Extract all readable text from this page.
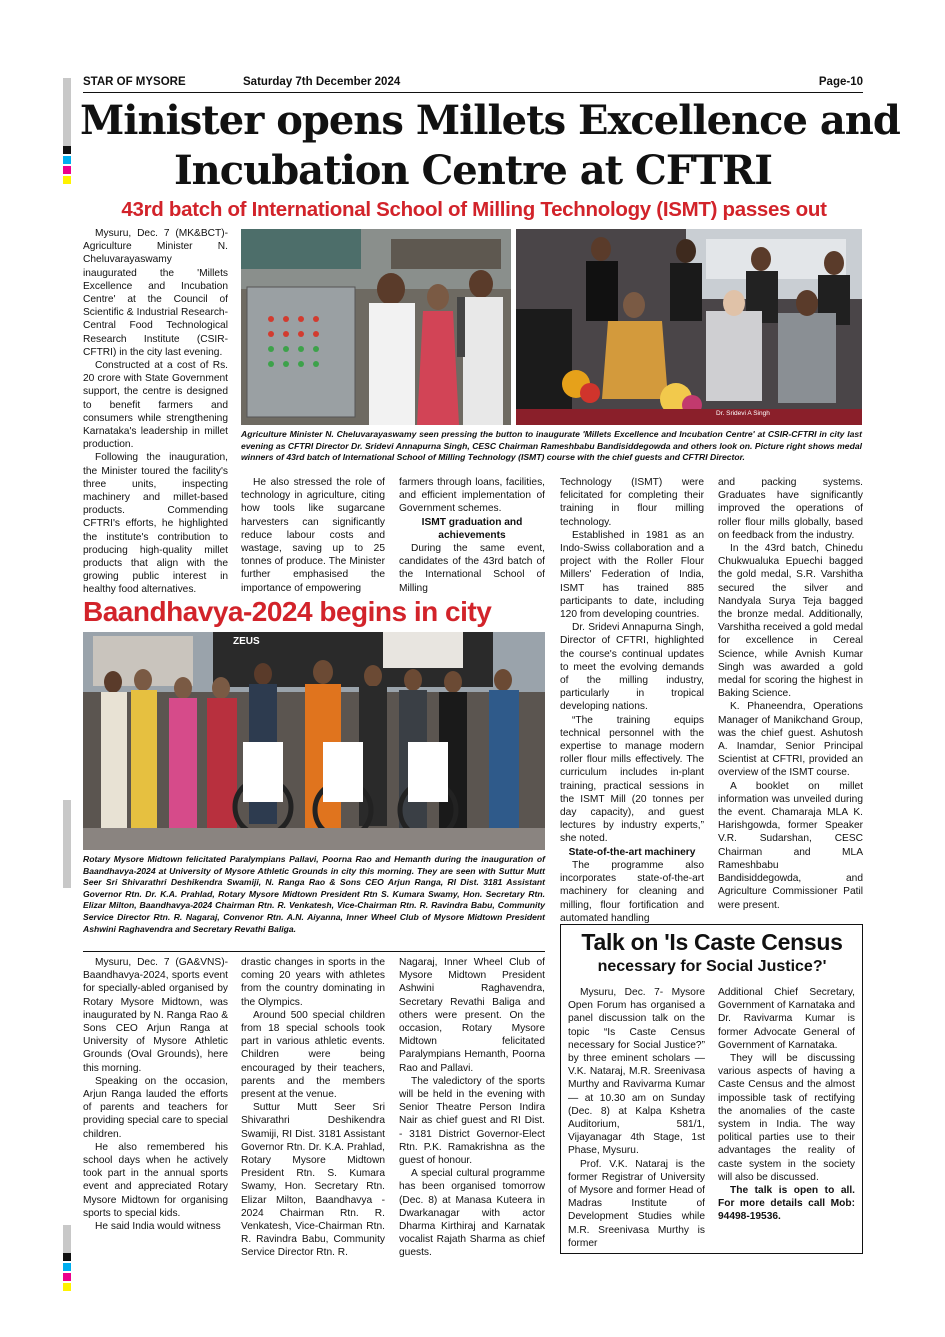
STAR OF MYSORE	Saturday 7th December 2024	Page-10
Minister opens Millets Excellence and
Incubation Centre at CFTRI
43rd batch of International School of Milling Technology (ISMT) passes out

Mysuru, Dec. 7 (MK&BCT)- Agriculture Minister N. Cheluvarayaswamy inaugurated the 'Millets Excellence and Incubation Centre' at the Council of Scientific & Industrial Research-Central Food Technological Research Institute (CSIR-CFTRI) in the city last evening.

Constructed at a cost of Rs. 20 crore with State Government support, the centre is designed to benefit farmers and consumers while strengthening Karnataka's leadership in millet production.

Following the inauguration, the Minister toured the facility's three units, inspecting machinery and millet-based products. Commending CFTRI's efforts, he highlighted the institute's contribution to producing high-quality millet products that align with the growing public interest in healthy food alternatives.

Dr. Sridevi A Singh
Agriculture Minister N. Cheluvarayaswamy seen pressing the button to inaugurate 'Millets Excellence and Incubation Centre' at CSIR-CFTRI in city last evening as CFTRI Director Dr. Sridevi Annapurna Singh, CESC Chairman Rameshbabu Bandisiddegowda and others look on. Picture right shows medal winners of 43rd batch of International School of Milling Technology (ISMT) course with the chief guests and CFTRI Director.

He also stressed the role of technology in agriculture, citing how tools like sugarcane harvesters can significantly reduce labour costs and wastage, saving up to 25 tonnes of produce. The Minister further emphasised the importance of empowering

farmers through loans, facilities, and efficient implementation of Government schemes.

ISMT graduation and achievements

During the same event, candidates of the 43rd batch of the International School of Milling

Technology (ISMT) were felicitated for completing their training in flour milling technology.

Established in 1981 as an Indo-Swiss collaboration and a project with the Roller Flour Millers' Federation of India, ISMT has trained 885 participants to date, including 120 from developing countries.

Dr. Sridevi Annapurna Singh, Director of CFTRI, highlighted the course's continual updates to meet the evolving demands of the milling industry, particularly in tropical developing nations.

“The training equips technical personnel with the expertise to manage modern roller flour mills effectively. The curriculum includes in-plant training, practical sessions in the ISMT Mill (20 tonnes per day capacity), and guest lectures by industry experts,” she noted.

State-of-the-art machinery

The programme also incorporates state-of-the-art machinery for cleaning and milling, flour fortification and automated handling

and packing systems. Graduates have significantly improved the operations of roller flour mills globally, based on feedback from the industry.

In the 43rd batch, Chinedu Chukwualuka Epuechi bagged the gold medal, S.R. Varshitha secured the silver and Nandyala Surya Teja bagged the bronze medal. Additionally, Varshitha received a gold medal for excellence in Cereal Science, while Avnish Kumar Singh was awarded a gold medal for scoring the highest in Baking Science.

K. Phaneendra, Operations Manager of Manikchand Group, was the chief guest. Ashutosh A. Inamdar, Senior Principal Scientist at CFTRI, provided an overview of the ISMT course.

A booklet on millet information was unveiled during the event. Chamaraja MLA K. Harishgowda, former Speaker V.R. Sudarshan, CESC Chairman and MLA Rameshbabu Bandisiddegowda, and Agriculture Commissioner Patil were present.

Baandhavya-2024 begins in city
ZEUS
Rotary Mysore Midtown felicitated Paralympians Pallavi, Poorna Rao and Hemanth during the inauguration of Baandhavya-2024 at University of Mysore Athletic Grounds in city this morning. They are seen with Suttur Mutt Seer Sri Shivarathri Deshikendra Swamiji, N. Ranga Rao & Sons CEO Arjun Ranga, RI Dist. 3181 Assistant Governor Rtn. Dr. K.A. Prahlad, Rotary Mysore Midtown President Rtn S. Kumara Swamy, Hon. Secretary Rtn. Elizar Milton, Baandhavya-2024 Chairman Rtn. R. Venkatesh, Vice-Chairman Rtn. R. Ravindra Babu, Community Service Director Rtn. R. Nagaraj, Convenor Rtn. A.N. Aiyanna, Inner Wheel Club of Mysore Midtown President Ashwini Raghavendra and Secretary Revathi Baliga.

Mysuru, Dec. 7 (GA&VNS)- Baandhavya-2024, sports event for specially-abled organised by Rotary Mysore Midtown, was inaugurated by N. Ranga Rao & Sons CEO Arjun Ranga at University of Mysore Athletic Grounds (Oval Grounds), here this morning.

Speaking on the occasion, Arjun Ranga lauded the efforts of parents and teachers for providing special care to special children.

He also remembered his school days when he actively took part in the annual sports event and appreciated Rotary Mysore Midtown for organising sports to special kids.

He said India would witness

drastic changes in sports in the coming 20 years with athletes from the country dominating in the Olympics.

Around 500 special children from 18 special schools took part in various athletic events. Children were being encouraged by their teachers, parents and the members present at the venue.

Suttur Mutt Seer Sri Shivarathri Deshikendra Swamiji, RI Dist. 3181 Assistant Governor Rtn. Dr. K.A. Prahlad, Rotary Mysore Midtown President Rtn. S. Kumara Swamy, Hon. Secretary Rtn. Elizar Milton, Baandhavya - 2024 Chairman Rtn. R. Venkatesh, Vice-Chairman Rtn. R. Ravindra Babu, Community Service Director Rtn. R.

Nagaraj, Inner Wheel Club of Mysore Midtown President Ashwini Raghavendra, Secretary Revathi Baliga and others were present. On the occasion, Rotary Mysore Midtown felicitated Paralympians Hemanth, Poorna Rao and Pallavi.

The valedictory of the sports will be held in the evening with Senior Theatre Person Indira Nair as chief guest and RI Dist. - 3181 District Governor-Elect Rtn. P.K. Ramakrishna as the guest of honour.

A special cultural programme has been organised tomorrow (Dec. 8) at Manasa Kuteera in Dwarkanagar with actor Dharma Kirthiraj and Karnatak vocalist Rajath Sharma as chief guests.

Talk on 'Is Caste Census
necessary for Social Justice?'

Mysuru, Dec. 7- Mysore Open Forum has organised a panel discussion talk on the topic “Is Caste Census necessary for Social Justice?” by three eminent scholars — V.K. Nataraj, M.R. Sreenivasa Murthy and Ravivarma Kumar — at 10.30 am on Sunday (Dec. 8) at Kalpa Kshetra Auditorium, 581/1, Vijayanagar 4th Stage, 1st Phase, Mysuru.

Prof. V.K. Nataraj is the former Registrar of University of Mysore and former Head of Madras Institute of Development Studies while M.R. Sreenivasa Murthy is former

Additional Chief Secretary, Government of Karnataka and Dr. Ravivarma Kumar is former Advocate General of Government of Karnataka.

They will be discussing various aspects of having a Caste Census and the almost impossible task of rectifying the anomalies of the caste system in India. The way political parties use to their advantages the reality of caste system in the society will also be discussed.

The talk is open to all. For more details call Mob: 94498-19536.
